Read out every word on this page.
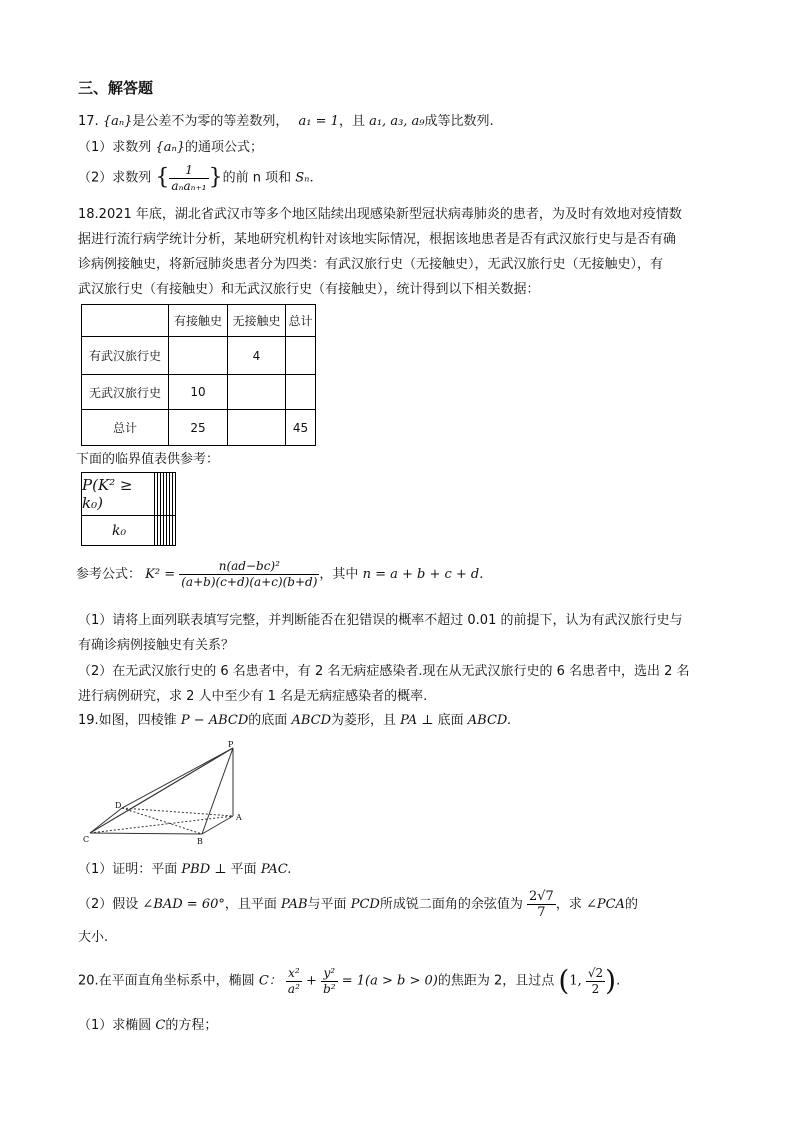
三、解答题
17. {aₙ}是公差不为零的等差数列， a₁ = 1，且 a₁, a₃, a₉成等比数列.
（1）求数列 {aₙ}的通项公式；
（2）求数列 { $\frac{1}{\text{aₙaₙ₊₁}}$ }的前 n 项和 Sₙ.
18.2021 年底，湖北省武汉市等多个地区陆续出现感染新型冠状病毒肺炎的患者，为及时有效地对疫情数
据进行流行病学统计分析，某地研究机构针对该地实际情况，根据该地患者是否有武汉旅行史与是否有确
诊病例接触史，将新冠肺炎患者分为四类：有武汉旅行史（无接触史），无武汉旅行史（无接触史），有
武汉旅行史（有接触史）和无武汉旅行史（有接触史），统计得到以下相关数据：
	有接触史	无接触史	总计
有武汉旅行史		4	
无武汉旅行史	10		
总计	25		45
下面的临界值表供参考：
P(K² ≥ k₀)							
k₀							
参考公式： $K^2 = \frac{\text{n(ad−bc)²}}{(a+b)(c+d)(a+c)(b+d)}$ ，其中 n = a + b + c + d.
（1）请将上面列联表填写完整，并判断能否在犯错误的概率不超过 0.01 的前提下，认为有武汉旅行史与
有确诊病例接触史有关系？
（2）在无武汉旅行史的 6 名患者中，有 2 名无病症感染者.现在从无武汉旅行史的 6 名患者中，选出 2 名
进行病例研究，求 2 人中至少有 1 名是无病症感染者的概率.
19.如图，四棱锥 P − ABCD的底面 ABCD为菱形，且 PA ⊥ 底面 ABCD.
P
A
B
C
D
（1）证明：平面 PBD ⊥ 平面 PAC.
（2）假设 ∠BAD = 60°，且平面 PAB与平面 PCD所成锐二面角的余弦值为 $\frac{2√7}{7}$ ，求 ∠PCA的
大小.
20.在平面直角坐标系中，椭圆 C： $\frac{\text{x²}}{\text{a²}} + \frac{\text{y²}}{\text{b²}} = 1(a > b > 0)$的焦距为 2，且过点 (1, $\frac{√2}{2}$ ).
（1）求椭圆 C的方程；
